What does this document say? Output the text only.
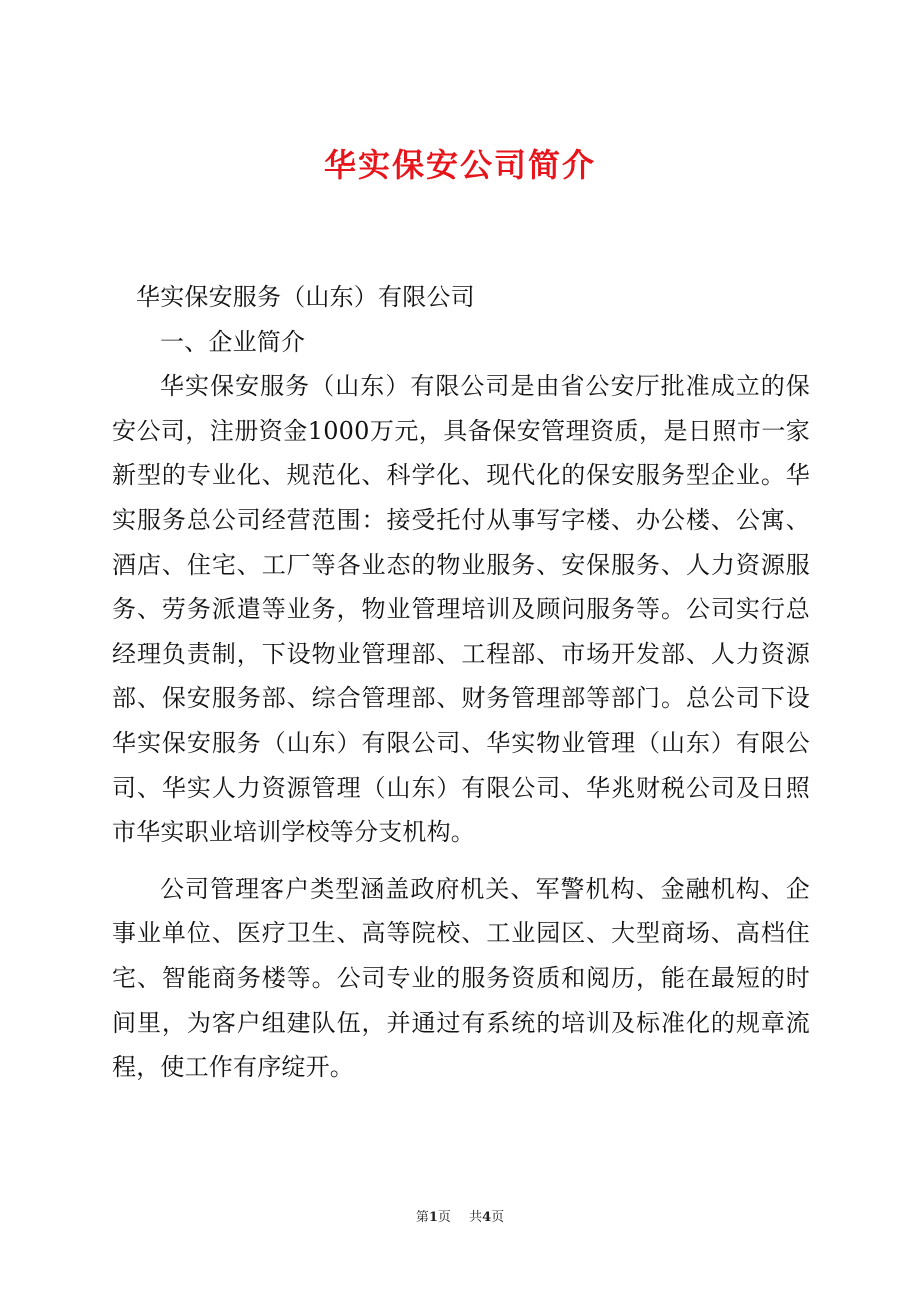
华实保安公司简介

华实保安服务（山东）有限公司

一、企业简介

华实保安服务（山东）有限公司是由省公安厅批准成立的保安公司，注册资金1000万元，具备保安管理资质，是日照市一家新型的专业化、规范化、科学化、现代化的保安服务型企业。华实服务总公司经营范围：接受托付从事写字楼、办公楼、公寓、酒店、住宅、工厂等各业态的物业服务、安保服务、人力资源服务、劳务派遣等业务，物业管理培训及顾问服务等。公司实行总经理负责制，下设物业管理部、工程部、市场开发部、人力资源部、保安服务部、综合管理部、财务管理部等部门。总公司下设华实保安服务（山东）有限公司、华实物业管理（山东）有限公司、华实人力资源管理（山东）有限公司、华兆财税公司及日照市华实职业培训学校等分支机构。

公司管理客户类型涵盖政府机关、军警机构、金融机构、企事业单位、医疗卫生、高等院校、工业园区、大型商场、高档住宅、智能商务楼等。公司专业的服务资质和阅历，能在最短的时间里，为客户组建队伍，并通过有系统的培训及标准化的规章流程，使工作有序绽开。

第1页 共4页
